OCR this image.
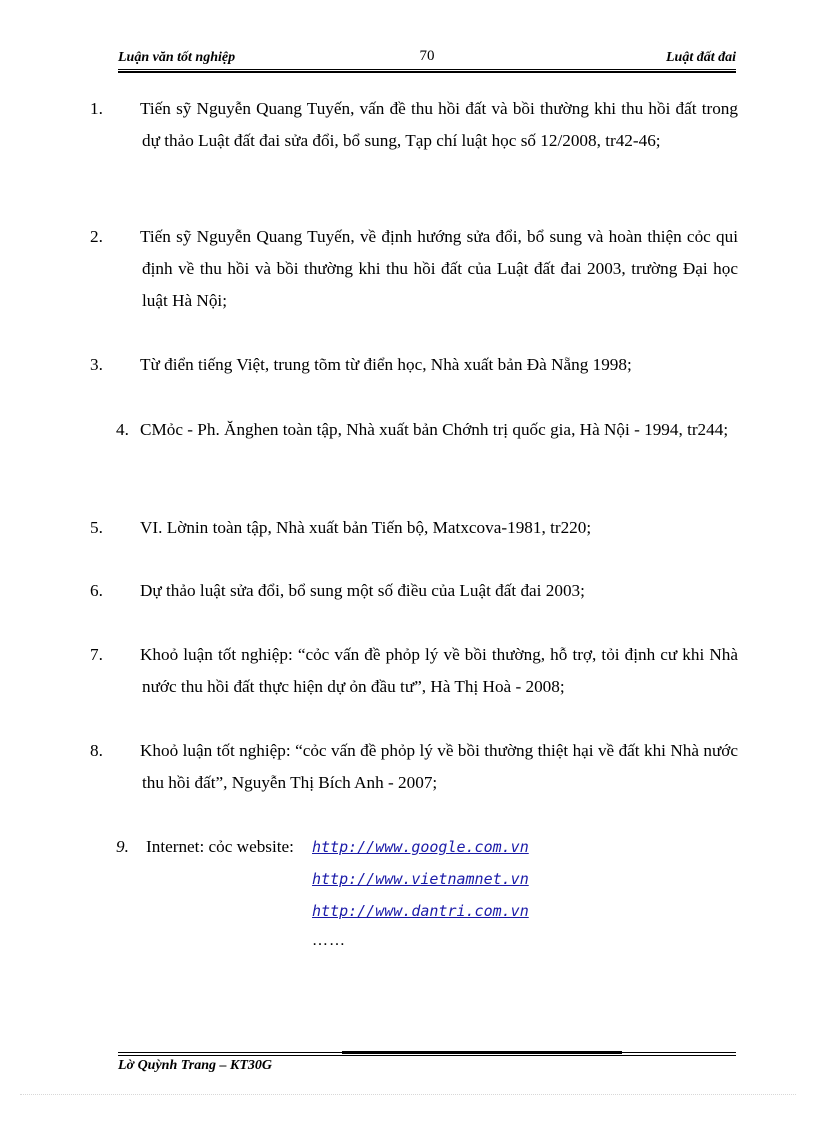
Luận văn tốt nghiệp	70	Luật đất đai
1. Tiến sỹ Nguyễn Quang Tuyến, vấn đề thu hồi đất và bồi thường khi thu hồi đất trong dự thảo Luật đất đai sửa đổi, bổ sung, Tạp chí luật học số 12/2008, tr42-46;
2. Tiến sỹ Nguyễn Quang Tuyến, về định hướng sửa đổi, bổ sung và hoàn thiện cỏc qui định về thu hồi và bồi thường khi thu hồi đất của Luật đất đai 2003, trường Đại học luật Hà Nội;
3. Từ điển tiếng Việt, trung tõm từ điển học, Nhà xuất bản Đà Nẵng 1998;
4. CMỏc - Ph. Ănghen toàn tập, Nhà xuất bản Chớnh trị quốc gia, Hà Nội - 1994, tr244;
5. VI. Lờnin toàn tập, Nhà xuất bản Tiến bộ, Matxcova-1981, tr220;
6. Dự thảo luật sửa đổi, bổ sung một số điều của Luật đất đai 2003;
7. Khoỏ luận tốt nghiệp: “cỏc vấn đề phỏp lý về bồi thường, hỗ trợ, tỏi định cư khi Nhà nước thu hồi đất thực hiện dự ỏn đầu tư”, Hà Thị Hoà - 2008;
8. Khoỏ luận tốt nghiệp: “cỏc vấn đề phỏp lý về bồi thường thiệt hại về đất khi Nhà nước thu hồi đất”, Nguyễn Thị Bích Anh - 2007;
9. Internet: cỏc website:	http://www.google.com.vn
http://www.vietnamnet.vn
http://www.dantri.com.vn
……
Lờ Quỳnh Trang – KT30G
